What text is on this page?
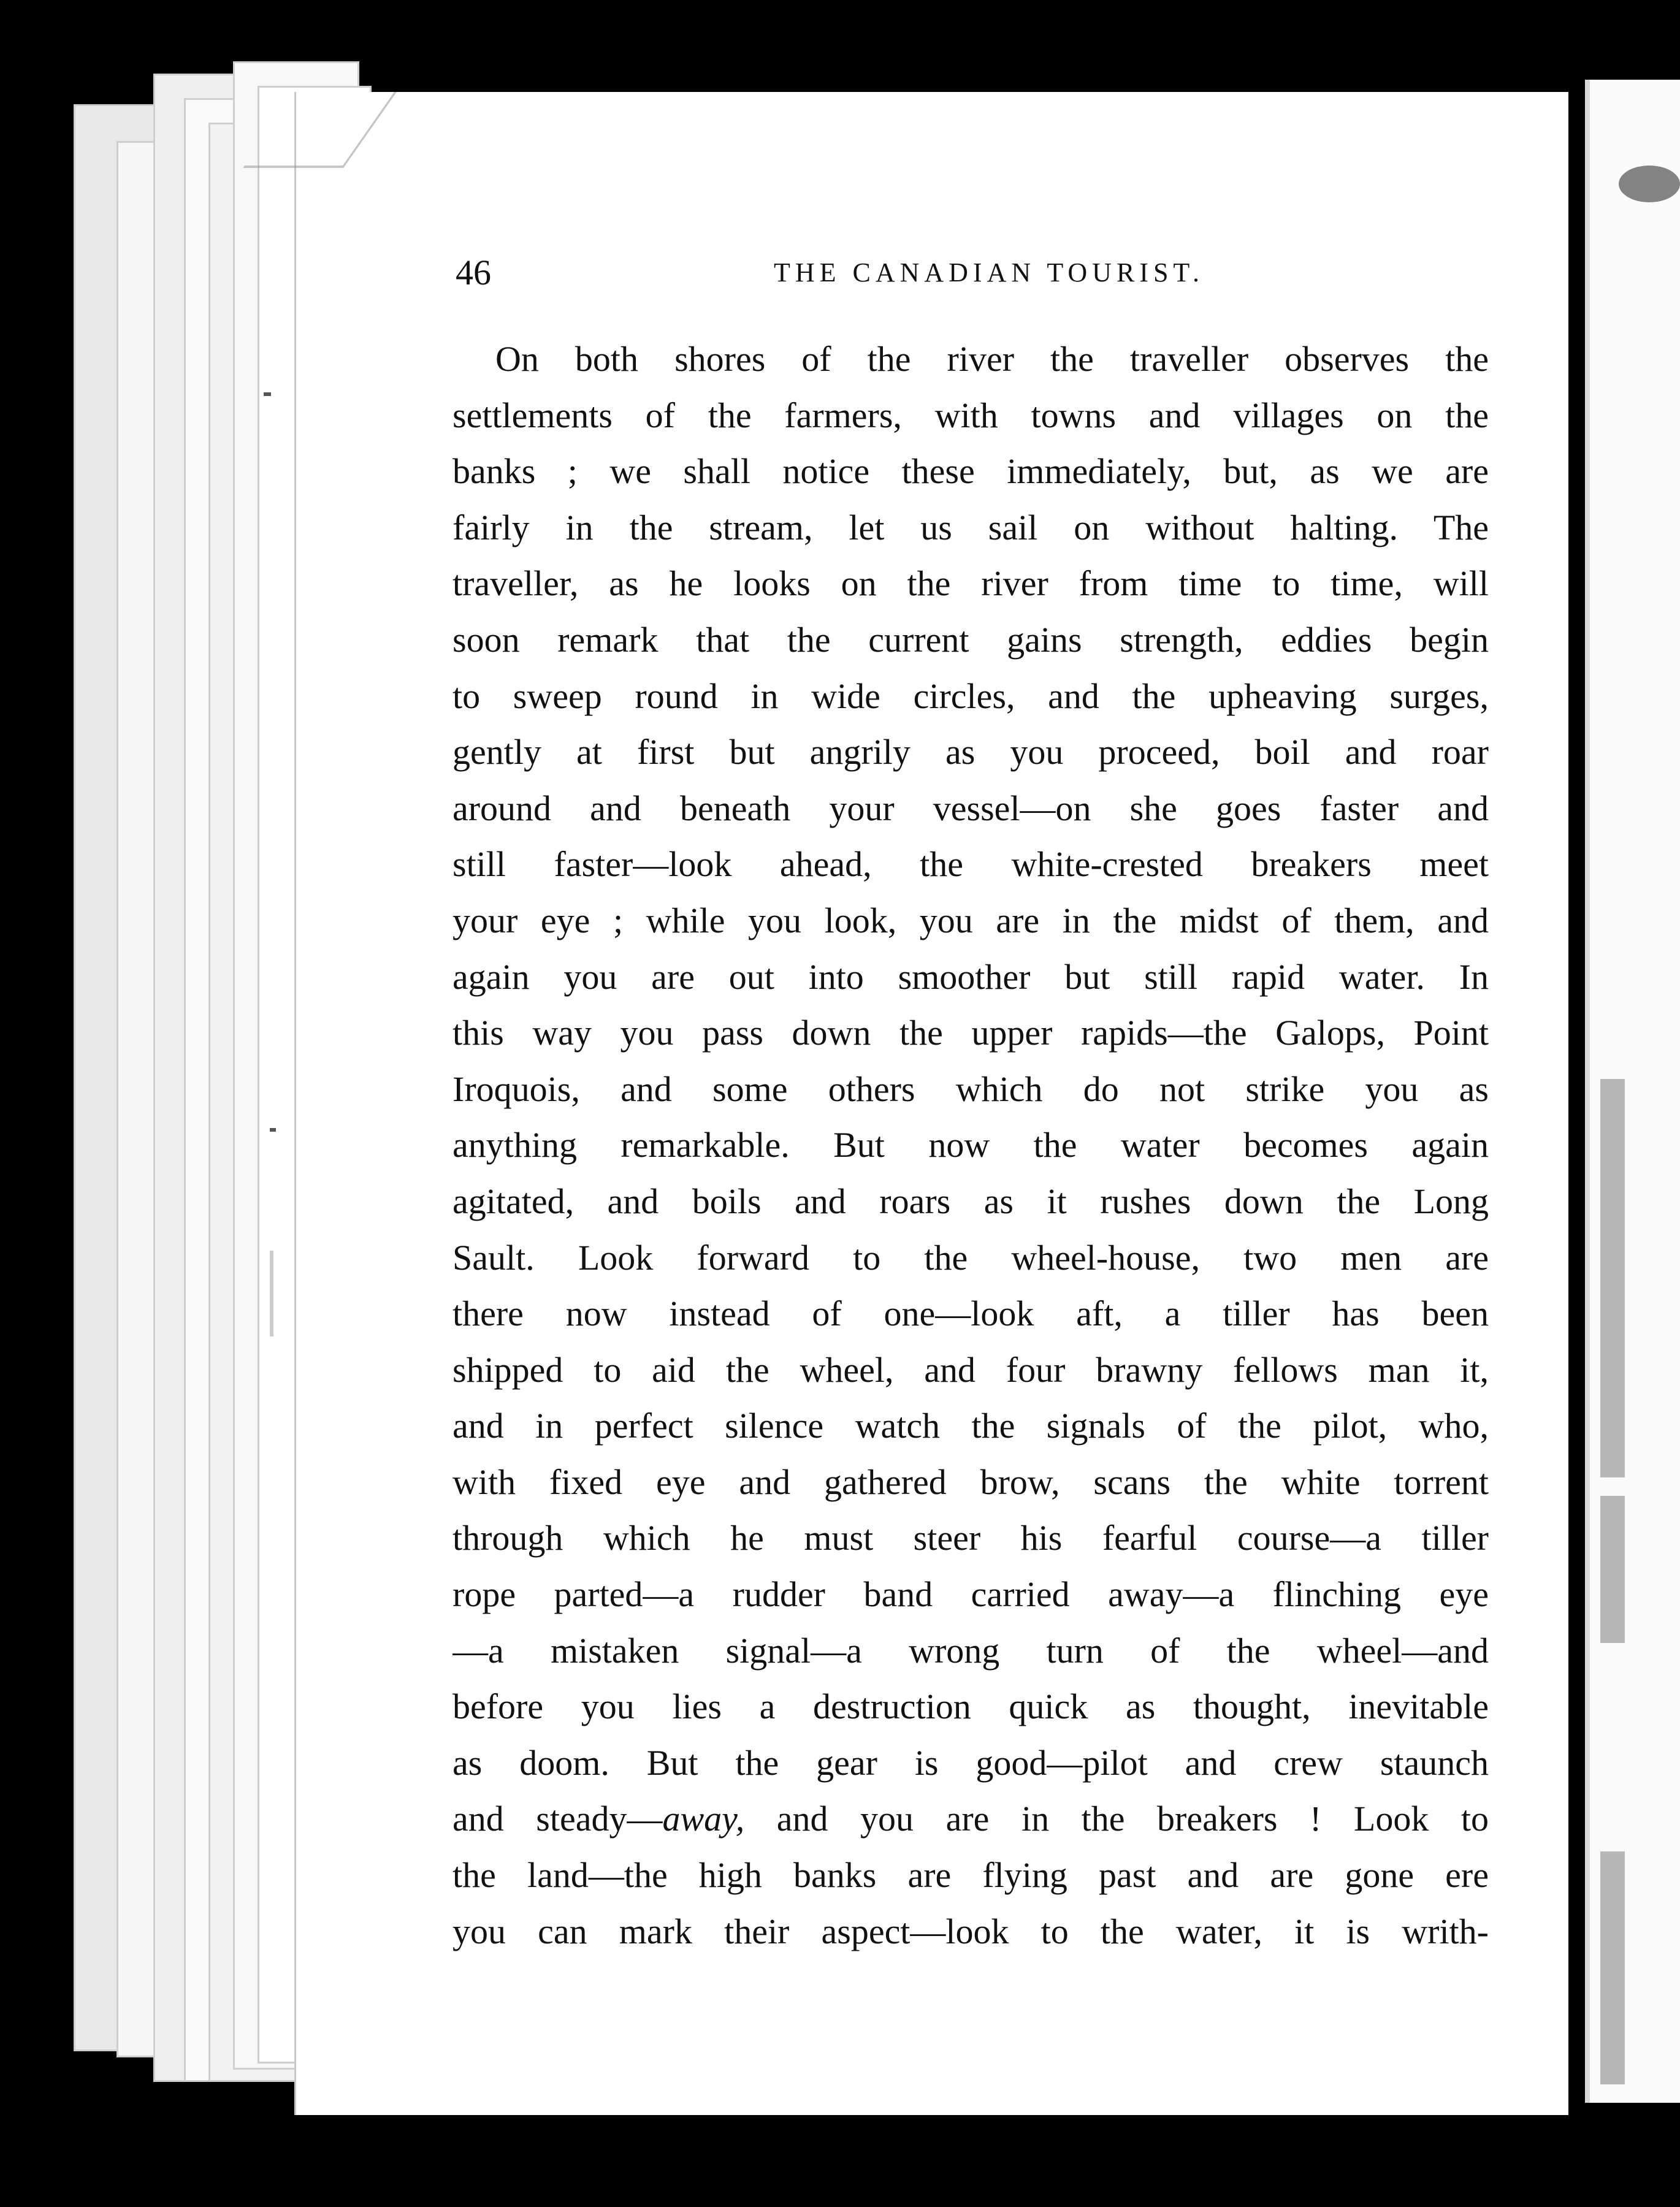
46	THE CANADIAN TOURIST.
On both shores of the river the traveller observes the
settlements of the farmers, with towns and villages on the
banks ; we shall notice these immediately, but, as we are
fairly in the stream, let us sail on without halting. The
traveller, as he looks on the river from time to time, will
soon remark that the current gains strength, eddies begin
to sweep round in wide circles, and the upheaving surges,
gently at first but angrily as you proceed, boil and roar
around and beneath your vessel—on she goes faster and
still faster—look ahead, the white-crested breakers meet
your eye ; while you look, you are in the midst of them, and
again you are out into smoother but still rapid water. In
this way you pass down the upper rapids—the Galops, Point
Iroquois, and some others which do not strike you as
anything remarkable. But now the water becomes again
agitated, and boils and roars as it rushes down the Long
Sault. Look forward to the wheel-house, two men are
there now instead of one—look aft, a tiller has been
shipped to aid the wheel, and four brawny fellows man it,
and in perfect silence watch the signals of the pilot, who,
with fixed eye and gathered brow, scans the white torrent
through which he must steer his fearful course—a tiller
rope parted—a rudder band carried away—a flinching eye
—a mistaken signal—a wrong turn of the wheel—and
before you lies a destruction quick as thought, inevitable
as doom. But the gear is good—pilot and crew staunch
and steady—away, and you are in the breakers ! Look to
the land—the high banks are flying past and are gone ere
you can mark their aspect—look to the water, it is writh-
